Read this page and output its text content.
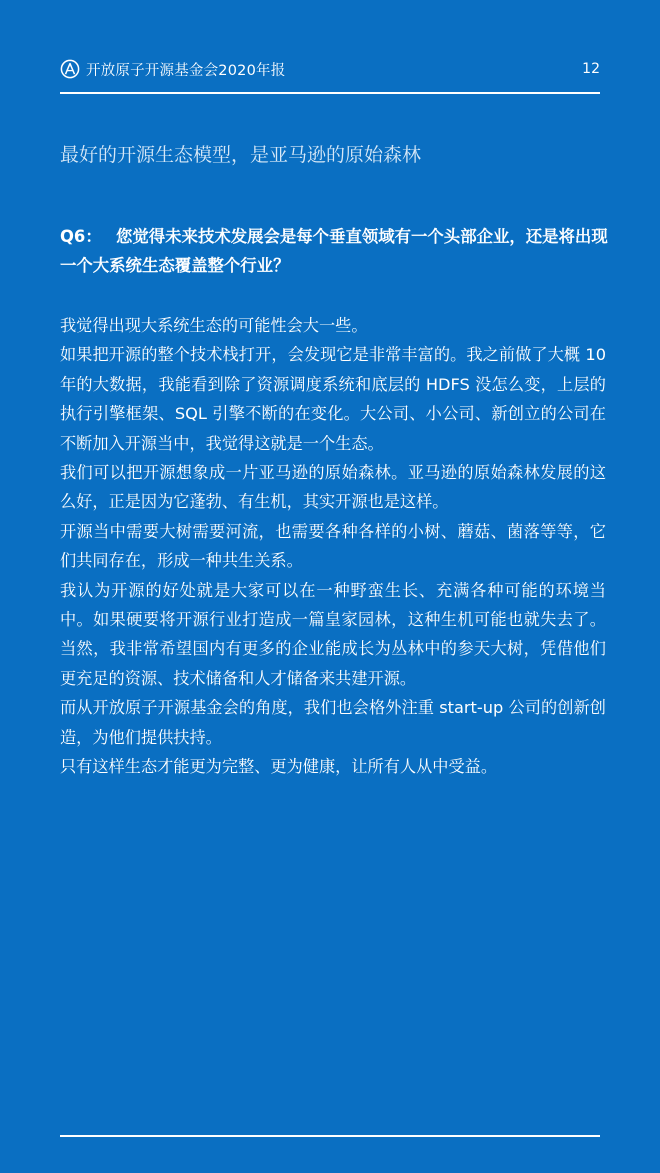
开放原子开源基金会2020年报	12
最好的开源生态模型，是亚马逊的原始森林
Q6： 您觉得未来技术发展会是每个垂直领域有一个头部企业，还是将出现一个大系统生态覆盖整个行业？

我觉得出现大系统生态的可能性会大一些。

如果把开源的整个技术栈打开，会发现它是非常丰富的。我之前做了大概 10 年的大数据，我能看到除了资源调度系统和底层的 HDFS 没怎么变，上层的执行引擎框架、SQL 引擎不断的在变化。大公司、小公司、新创立的公司在不断加入开源当中，我觉得这就是一个生态。

我们可以把开源想象成一片亚马逊的原始森林。亚马逊的原始森林发展的这么好，正是因为它蓬勃、有生机，其实开源也是这样。

开源当中需要大树需要河流，也需要各种各样的小树、蘑菇、菌落等等，它们共同存在，形成一种共生关系。

我认为开源的好处就是大家可以在一种野蛮生长、充满各种可能的环境当中。如果硬要将开源行业打造成一篇皇家园林，这种生机可能也就失去了。当然，我非常希望国内有更多的企业能成长为丛林中的参天大树，凭借他们更充足的资源、技术储备和人才储备来共建开源。

而从开放原子开源基金会的角度，我们也会格外注重 start-up 公司的创新创造，为他们提供扶持。

只有这样生态才能更为完整、更为健康，让所有人从中受益。
